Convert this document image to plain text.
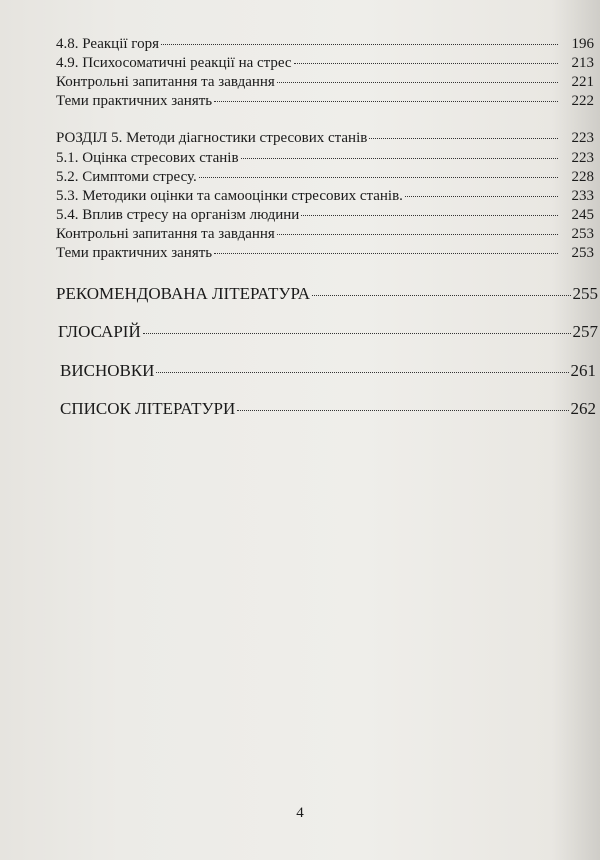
4.8. Реакції горя	196
4.9. Психосоматичні реакції на стрес	213
Контрольні запитання та завдання	221
Теми практичних занять	222
РОЗДІЛ 5. Методи діагностики стресових станів	223
5.1. Оцінка стресових станів	223
5.2. Симптоми стресу.	228
5.3. Методики оцінки та самооцінки стресових станів.	233
5.4. Вплив стресу на організм людини	245
Контрольні запитання та завдання	253
Теми практичних занять	253
РЕКОМЕНДОВАНА ЛІТЕРАТУРА	255
ГЛОСАРІЙ	257
ВИСНОВКИ	261
СПИСОК ЛІТЕРАТУРИ	262
4
